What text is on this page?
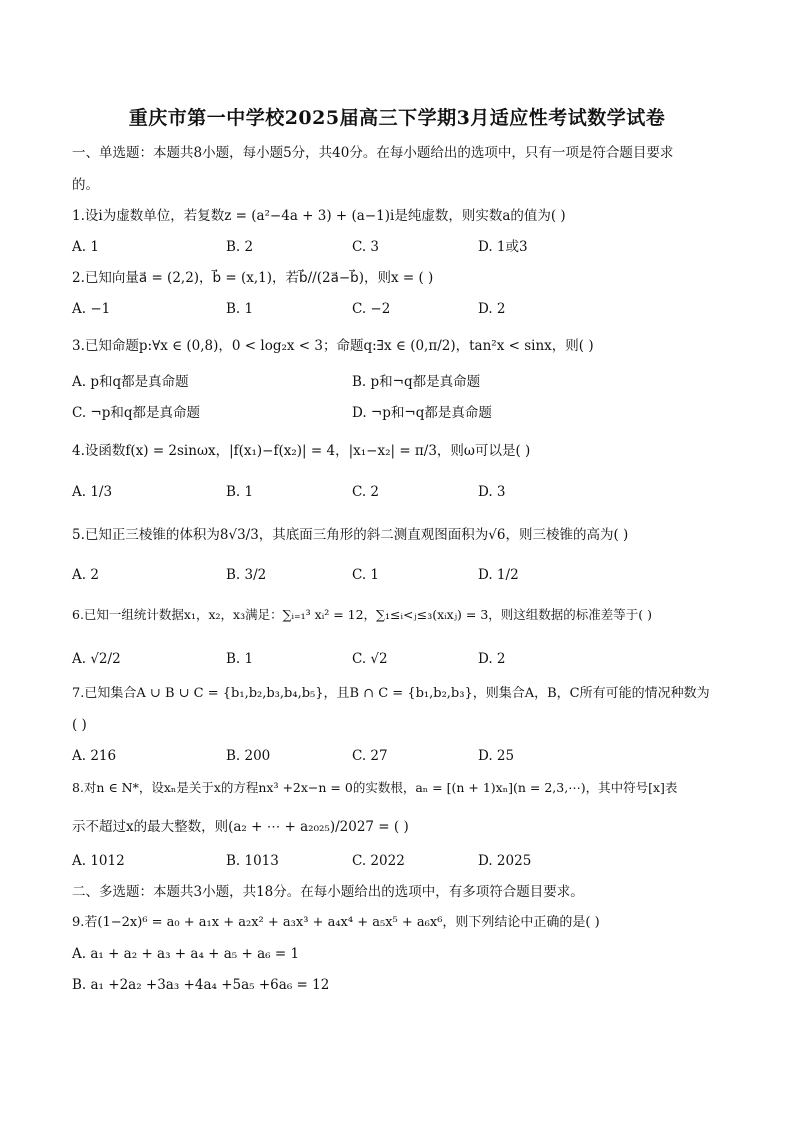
重庆市第一中学校2025届高三下学期3月适应性考试数学试卷
一、单选题：本题共8小题，每小题5分，共40分。在每小题给出的选项中，只有一项是符合题目要求
的。
1.设i为虚数单位，若复数z = (a²−4a + 3) + (a−1)i是纯虚数，则实数a的值为( )
A. 1	B. 2	C. 3	D. 1或3
2.已知向量a⃗ = (2,2)，b⃗ = (x,1)，若b⃗//(2a⃗−b⃗)，则x = ( )
A. −1	B. 1	C. −2	D. 2
3.已知命题p:∀x ∈ (0,8)，0 < log₂x < 3；命题q:∃x ∈ (0,π/2)，tan²x < sinx，则( )
A. p和q都是真命题	B. p和¬q都是真命题
C. ¬p和q都是真命题	D. ¬p和¬q都是真命题
4.设函数f(x) = 2sinωx，|f(x₁)−f(x₂)| = 4，|x₁−x₂| = π/3，则ω可以是( )
A. 1/3	B. 1	C. 2	D. 3
5.已知正三棱锥的体积为8√3/3，其底面三角形的斜二测直观图面积为√6，则三棱锥的高为( )
A. 2	B. 3/2	C. 1	D. 1/2
6.已知一组统计数据x₁，x₂，x₃满足：∑ᵢ₌₁³ xᵢ² = 12，∑₁≤ᵢ<ⱼ≤₃(xᵢxⱼ) = 3，则这组数据的标准差等于( )
A. √2/2	B. 1	C. √2	D. 2
7.已知集合A ∪ B ∪ C = {b₁,b₂,b₃,b₄,b₅}，且B ∩ C = {b₁,b₂,b₃}，则集合A，B，C所有可能的情况种数为
( )
A. 216	B. 200	C. 27	D. 25
8.对n ∈ N*，设xₙ是关于x的方程nx³ +2x−n = 0的实数根，aₙ = [(n + 1)xₙ](n = 2,3,⋯)，其中符号[x]表
示不超过x的最大整数，则(a₂ + ⋯ + a₂₀₂₅)/2027 = ( )
A. 1012	B. 1013	C. 2022	D. 2025
二、多选题：本题共3小题，共18分。在每小题给出的选项中，有多项符合题目要求。
9.若(1−2x)⁶ = a₀ + a₁x + a₂x² + a₃x³ + a₄x⁴ + a₅x⁵ + a₆x⁶，则下列结论中正确的是( )
A. a₁ + a₂ + a₃ + a₄ + a₅ + a₆ = 1
B. a₁ +2a₂ +3a₃ +4a₄ +5a₅ +6a₆ = 12
